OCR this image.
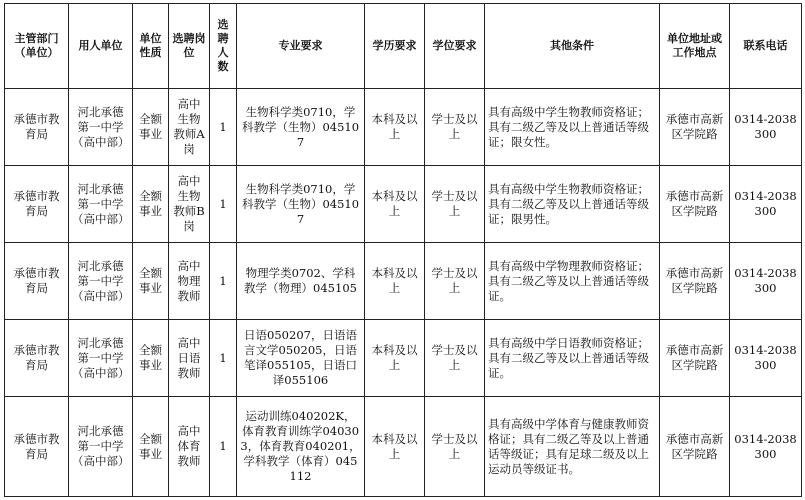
主管部门（单位）	用人单位	单位性质	选聘岗位	选聘人数	专业要求	学历要求	学位要求	其他条件	单位地址或工作地点	联系电话
承德市教育局	河北承德第一中学（高中部）	全额事业	高中生物教师A岗	1	生物科学类0710，学科教学（生物）045107	本科及以上	学士及以上	具有高级中学生物教师资格证；具有二级乙等及以上普通话等级证；限女性。	承德市高新区学院路	0314-2038300
承德市教育局	河北承德第一中学（高中部）	全额事业	高中生物教师B岗	1	生物科学类0710，学科教学（生物）045107	本科及以上	学士及以上	具有高级中学生物教师资格证；具有二级乙等及以上普通话等级证；限男性。	承德市高新区学院路	0314-2038300
承德市教育局	河北承德第一中学（高中部）	全额事业	高中物理教师	1	物理学类0702、学科教学（物理）045105	本科及以上	学士及以上	具有高级中学物理教师资格证；具有二级乙等及以上普通话等级证。	承德市高新区学院路	0314-2038300
承德市教育局	河北承德第一中学（高中部）	全额事业	高中日语教师	1	日语050207，日语语言文学050205，日语笔译055105，日语口译055106	本科及以上	学士及以上	具有高级中学日语教师资格证；具有二级乙等及以上普通话等级证。	承德市高新区学院路	0314-2038300
承德市教育局	河北承德第一中学（高中部）	全额事业	高中体育教师	1	运动训练040202K，体育教育训练学040303，体育教育040201，学科教学（体育）045112	本科及以上	学士及以上	具有高级中学体育与健康教师资格证；具有二级乙等及以上普通话等级证；具有足球二级及以上运动员等级证书。	承德市高新区学院路	0314-2038300
